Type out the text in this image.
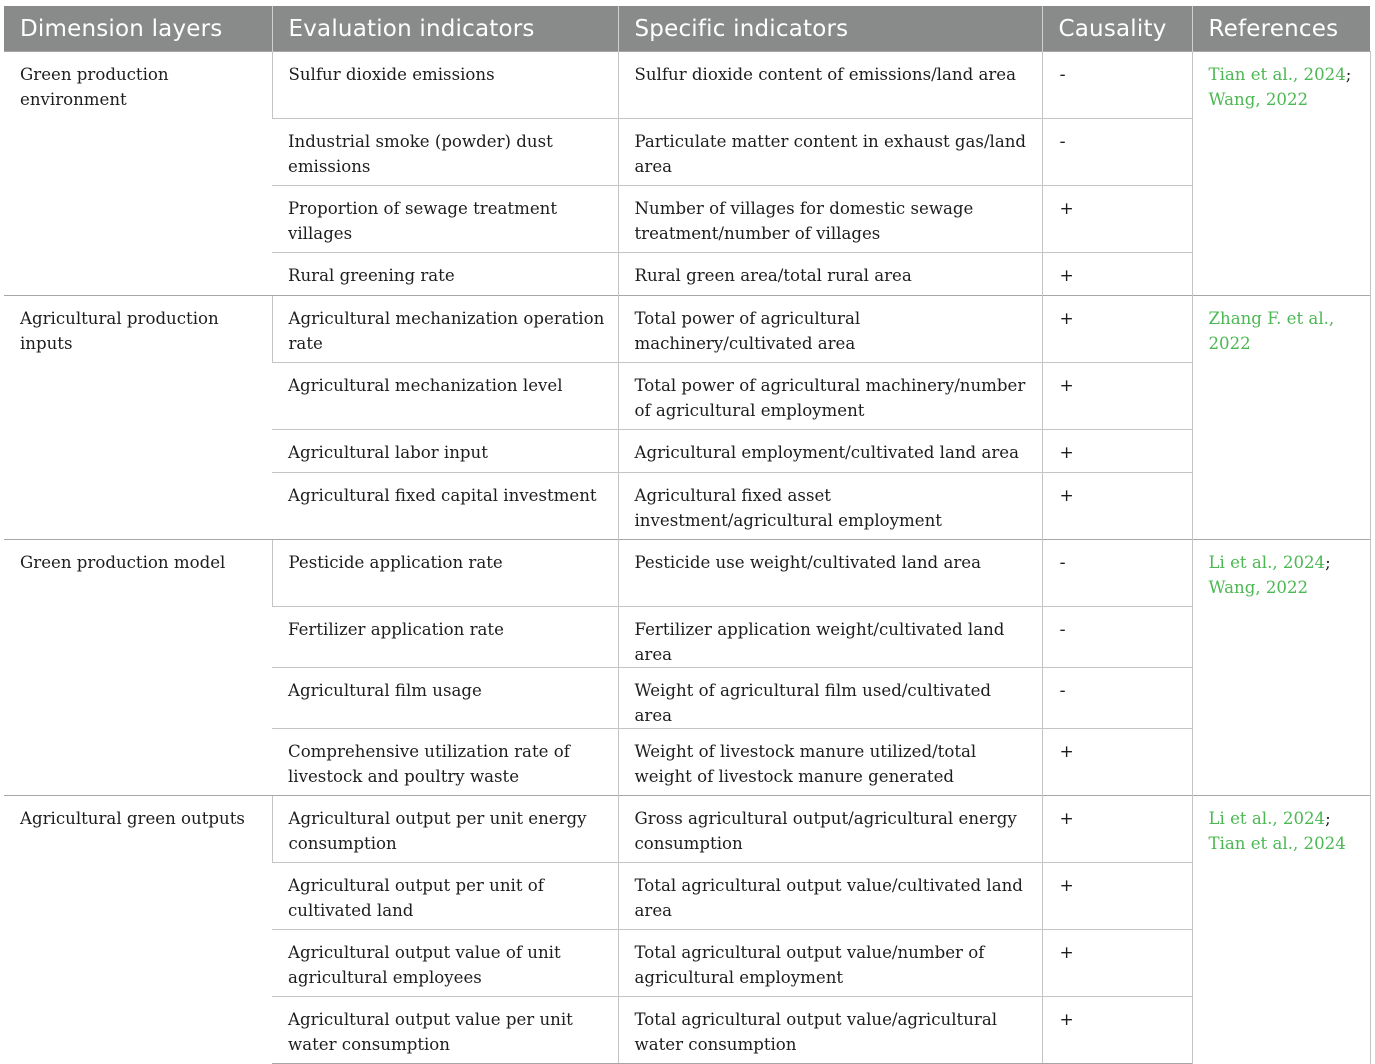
Dimension layers	Evaluation indicators	Specific indicators	Causality	References
Green production environment	Sulfur dioxide emissions	Sulfur dioxide content of emissions/land area	-	Tian et al., 2024; Wang, 2022
	Industrial smoke (powder) dust emissions	Particulate matter content in exhaust gas/land area	-	
	Proportion of sewage treatment villages	Number of villages for domestic sewage treatment/number of villages	+	
	Rural greening rate	Rural green area/total rural area	+	
Agricultural production inputs	Agricultural mechanization operation rate	Total power of agricultural machinery/cultivated area	+	Zhang F. et al., 2022
	Agricultural mechanization level	Total power of agricultural machinery/number of agricultural employment	+	
	Agricultural labor input	Agricultural employment/cultivated land area	+	
	Agricultural fixed capital investment	Agricultural fixed asset investment/agricultural employment	+	
Green production model	Pesticide application rate	Pesticide use weight/cultivated land area	-	Li et al., 2024; Wang, 2022
	Fertilizer application rate	Fertilizer application weight/cultivated land area	-	
	Agricultural film usage	Weight of agricultural film used/cultivated area	-	
	Comprehensive utilization rate of livestock and poultry waste	Weight of livestock manure utilized/total weight of livestock manure generated	+	
Agricultural green outputs	Agricultural output per unit energy consumption	Gross agricultural output/agricultural energy consumption	+	Li et al., 2024; Tian et al., 2024
	Agricultural output per unit of cultivated land	Total agricultural output value/cultivated land area	+	
	Agricultural output value of unit agricultural employees	Total agricultural output value/number of agricultural employment	+	
	Agricultural output value per unit water consumption	Total agricultural output value/agricultural water consumption	+	
